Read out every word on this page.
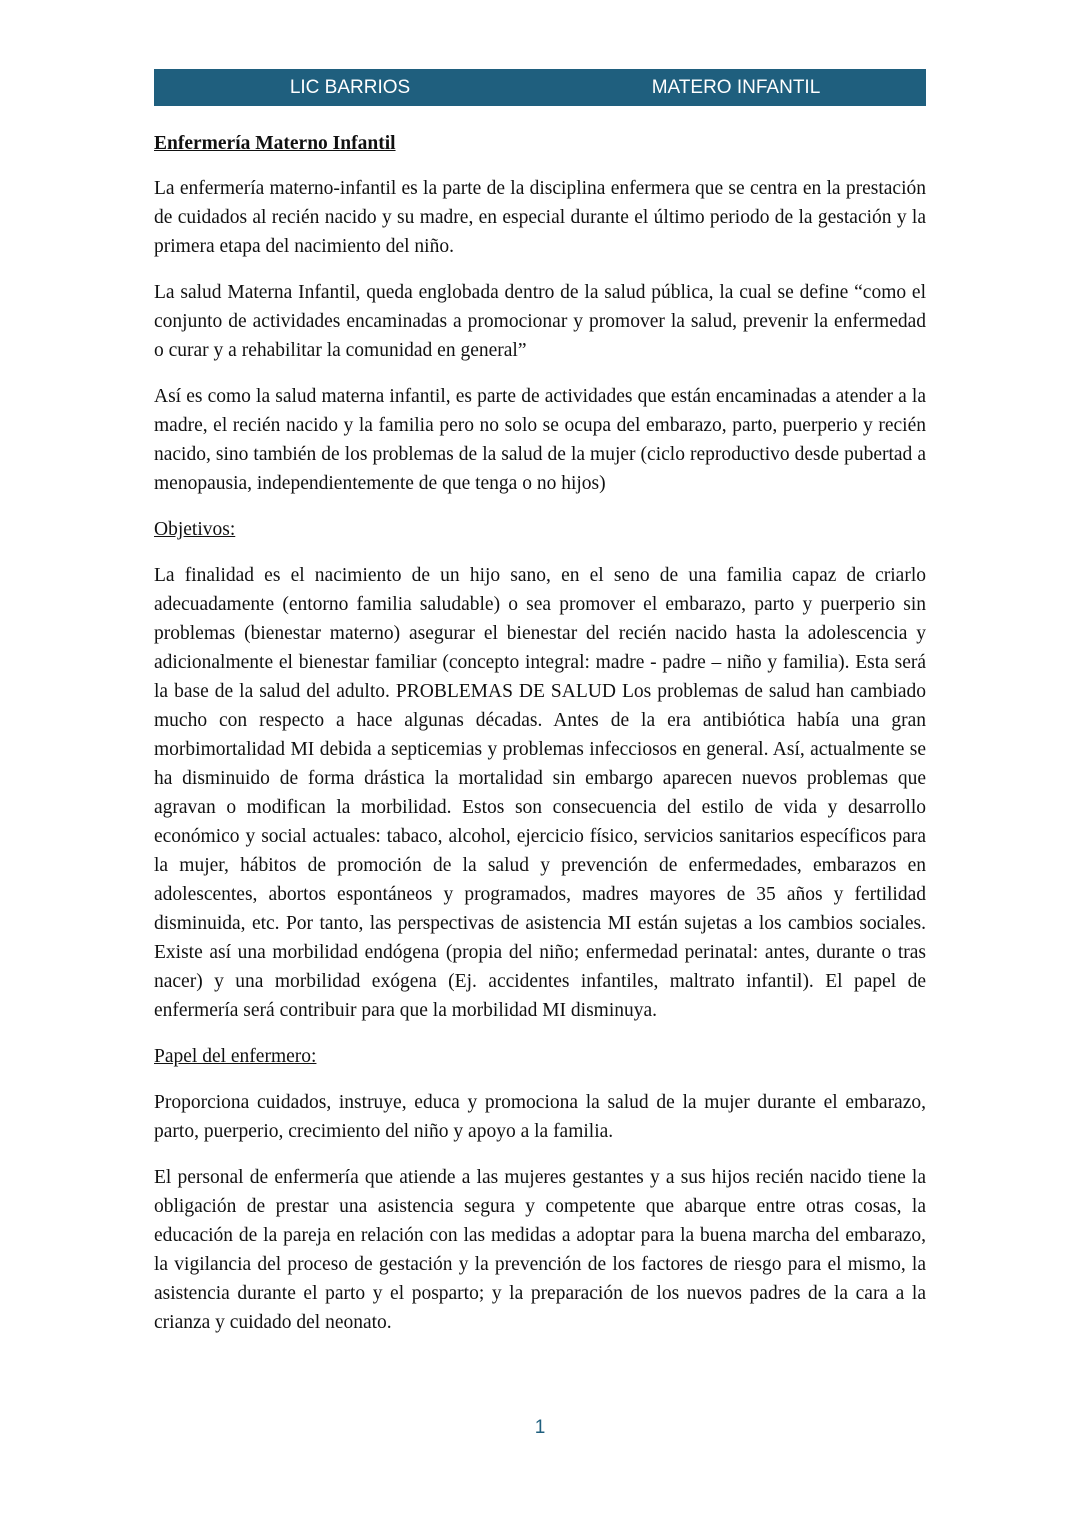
LIC BARRIOS	MATERO INFANTIL
Enfermería Materno Infantil

La enfermería materno-infantil es la parte de la disciplina enfermera que se centra en la prestación de cuidados al recién nacido y su madre, en especial durante el último periodo de la gestación y la primera etapa del nacimiento del niño.

La salud Materna Infantil, queda englobada dentro de la salud pública, la cual se define “como el conjunto de actividades encaminadas a promocionar y promover la salud, prevenir la enfermedad o curar y a rehabilitar la comunidad en general”

Así es como la salud materna infantil, es parte de actividades que están encaminadas a atender a la madre, el recién nacido y la familia pero no solo se ocupa del embarazo, parto, puerperio y recién nacido, sino también de los problemas de la salud de la mujer (ciclo reproductivo desde pubertad a menopausia, independientemente de que tenga o no hijos)

Objetivos:

La finalidad es el nacimiento de un hijo sano, en el seno de una familia capaz de criarlo adecuadamente (entorno familia saludable) o sea promover el embarazo, parto y puerperio sin problemas (bienestar materno) asegurar el bienestar del recién nacido hasta la adolescencia y adicionalmente el bienestar familiar (concepto integral: madre - padre – niño y familia). Esta será la base de la salud del adulto. PROBLEMAS DE SALUD Los problemas de salud han cambiado mucho con respecto a hace algunas décadas. Antes de la era antibiótica había una gran morbimortalidad MI debida a septicemias y problemas infecciosos en general. Así, actualmente se ha disminuido de forma drástica la mortalidad sin embargo aparecen nuevos problemas que agravan o modifican la morbilidad. Estos son consecuencia del estilo de vida y desarrollo económico y social actuales: tabaco, alcohol, ejercicio físico, servicios sanitarios específicos para la mujer, hábitos de promoción de la salud y prevención de enfermedades, embarazos en adolescentes, abortos espontáneos y programados, madres mayores de 35 años y fertilidad disminuida, etc. Por tanto, las perspectivas de asistencia MI están sujetas a los cambios sociales. Existe así una morbilidad endógena (propia del niño; enfermedad perinatal: antes, durante o tras nacer) y una morbilidad exógena (Ej. accidentes infantiles, maltrato infantil). El papel de enfermería será contribuir para que la morbilidad MI disminuya.

Papel del enfermero:

Proporciona cuidados, instruye, educa y promociona la salud de la mujer durante el embarazo, parto, puerperio, crecimiento del niño y apoyo a la familia.

El personal de enfermería que atiende a las mujeres gestantes y a sus hijos recién nacido tiene la obligación de prestar una asistencia segura y competente que abarque entre otras cosas, la educación de la pareja en relación con las medidas a adoptar para la buena marcha del embarazo, la vigilancia del proceso de gestación y la prevención de los factores de riesgo para el mismo, la asistencia durante el parto y el posparto; y la preparación de los nuevos padres de la cara a la crianza y cuidado del neonato.

1
